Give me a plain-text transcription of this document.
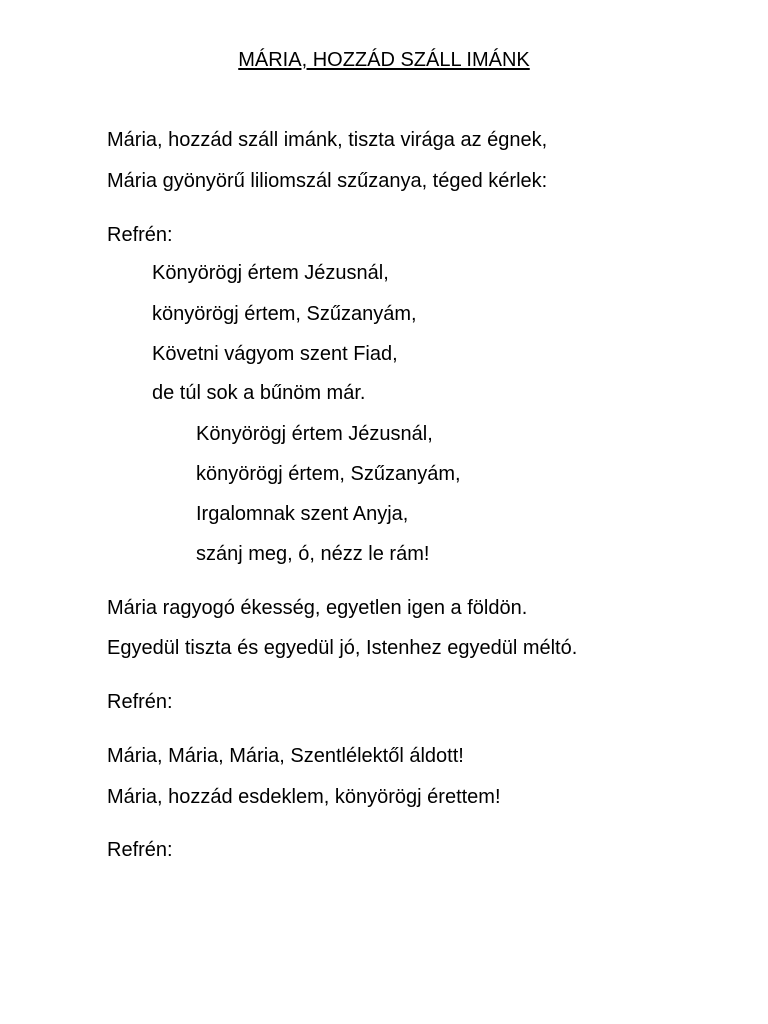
MÁRIA, HOZZÁD SZÁLL IMÁNK
Mária, hozzád száll imánk, tiszta virága az égnek,
Mária gyönyörű liliomszál szűzanya, téged kérlek:
Refrén:
Könyörögj értem Jézusnál,
könyörögj értem, Szűzanyám,
Követni vágyom szent Fiad,
de túl sok a bűnöm már.
Könyörögj értem Jézusnál,
könyörögj értem, Szűzanyám,
Irgalomnak szent Anyja,
szánj meg, ó, nézz le rám!
Mária ragyogó ékesség, egyetlen igen a földön.
Egyedül tiszta és egyedül jó, Istenhez egyedül méltó.
Refrén:
Mária, Mária, Mária, Szentlélektől áldott!
Mária, hozzád esdeklem, könyörögj érettem!
Refrén:
